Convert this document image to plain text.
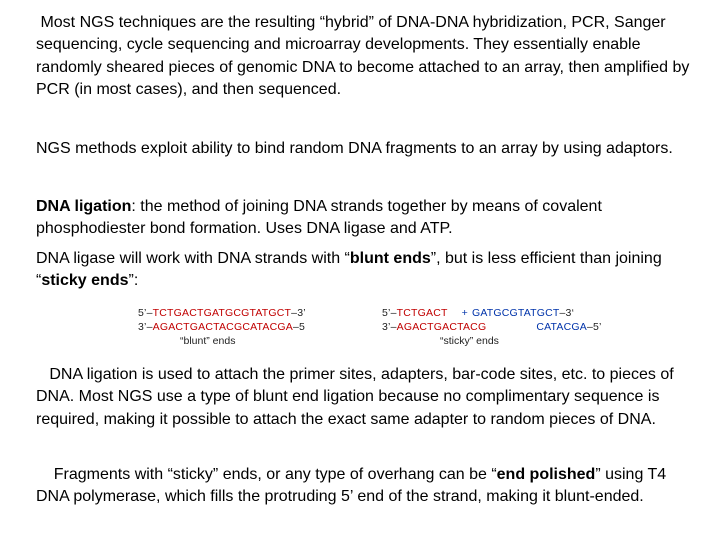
Most NGS techniques are the resulting “hybrid” of DNA-DNA hybridization, PCR, Sanger sequencing, cycle sequencing and microarray developments. They essentially enable randomly sheared pieces of genomic DNA to become attached to an array, then amplified by PCR (in most cases), and then sequenced.

NGS methods exploit ability to bind random DNA fragments to an array by using adaptors.

DNA ligation: the method of joining DNA strands together by means of covalent phosphodiester bond formation. Uses DNA ligase and ATP.

DNA ligase will work with DNA strands with “blunt ends”, but is less efficient than joining “sticky ends”:

5’–TCTGACTGATGCGTATGCT–3’
3’–AGACTGACTACGCATACGA–5
“blunt” ends
5’–TCTGACT + GATGCGTATGCT–3‘
3’–AGACTGACTACG	CATACGA–5’
“sticky” ends

DNA ligation is used to attach the primer sites, adapters, bar-code sites, etc. to pieces of DNA. Most NGS use a type of blunt end ligation because no complimentary sequence is required, making it possible to attach the exact same adapter to random pieces of DNA.

Fragments with “sticky” ends, or any type of overhang can be “end polished” using T4 DNA polymerase, which fills the protruding 5’ end of the strand, making it blunt-ended.
